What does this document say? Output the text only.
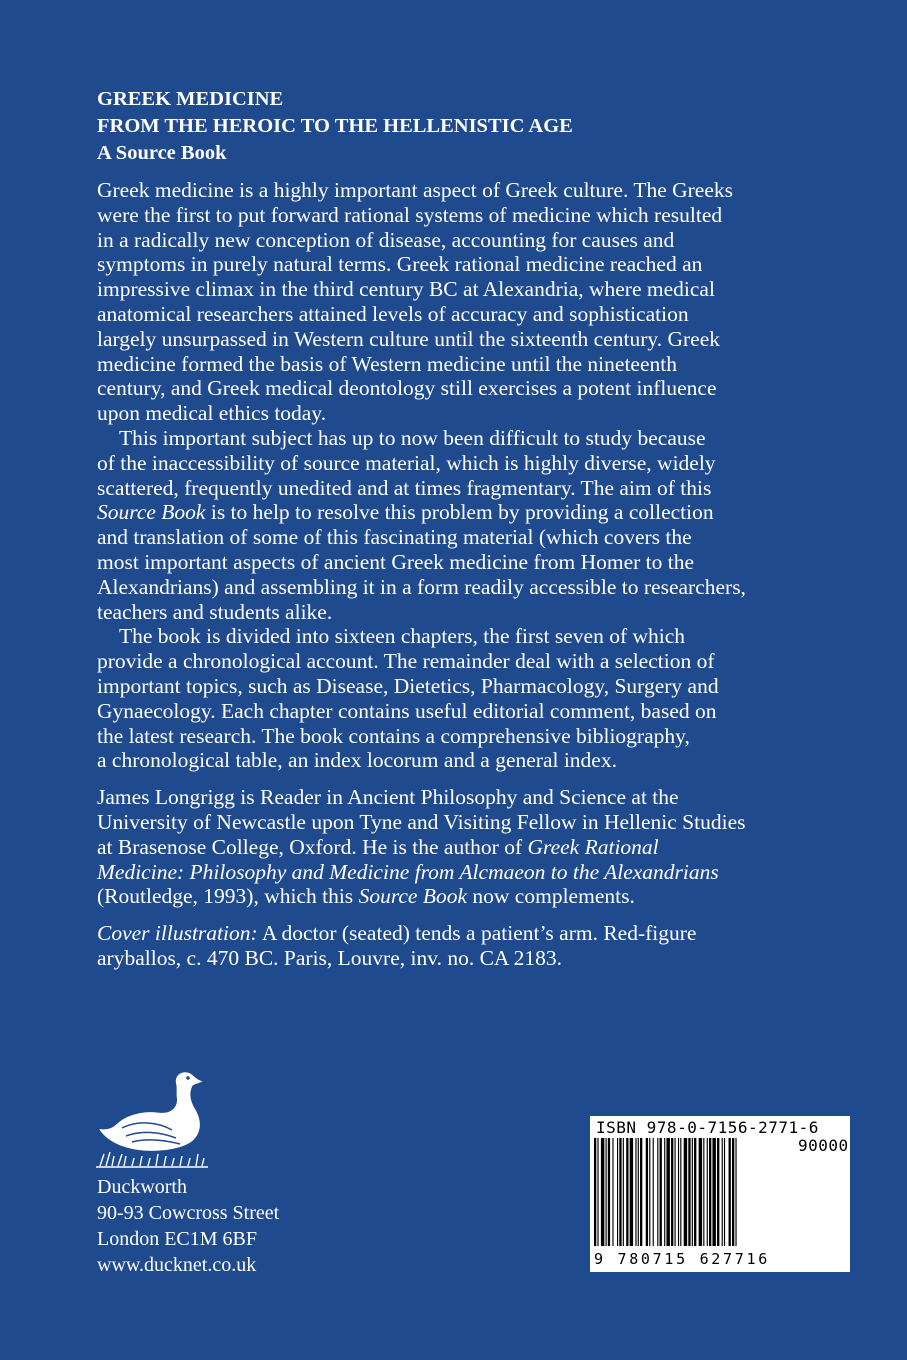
GREEK MEDICINE
FROM THE HEROIC TO THE HELLENISTIC AGE
A Source Book
Greek medicine is a highly important aspect of Greek culture. The Greeks
were the first to put forward rational systems of medicine which resulted
in a radically new conception of disease, accounting for causes and
symptoms in purely natural terms. Greek rational medicine reached an
impressive climax in the third century BC at Alexandria, where medical
anatomical researchers attained levels of accuracy and sophistication
largely unsurpassed in Western culture until the sixteenth century. Greek
medicine formed the basis of Western medicine until the nineteenth
century, and Greek medical deontology still exercises a potent influence
upon medical ethics today.
This important subject has up to now been difficult to study because
of the inaccessibility of source material, which is highly diverse, widely
scattered, frequently unedited and at times fragmentary. The aim of this
Source Book is to help to resolve this problem by providing a collection
and translation of some of this fascinating material (which covers the
most important aspects of ancient Greek medicine from Homer to the
Alexandrians) and assembling it in a form readily accessible to researchers,
teachers and students alike.
The book is divided into sixteen chapters, the first seven of which
provide a chronological account. The remainder deal with a selection of
important topics, such as Disease, Dietetics, Pharmacology, Surgery and
Gynaecology. Each chapter contains useful editorial comment, based on
the latest research. The book contains a comprehensive bibliography,
a chronological table, an index locorum and a general index.
James Longrigg is Reader in Ancient Philosophy and Science at the
University of Newcastle upon Tyne and Visiting Fellow in Hellenic Studies
at Brasenose College, Oxford. He is the author of Greek Rational
Medicine: Philosophy and Medicine from Alcmaeon to the Alexandrians
(Routledge, 1993), which this Source Book now complements.
Cover illustration: A doctor (seated) tends a patient’s arm. Red-figure
aryballos, c. 470 BC. Paris, Louvre, inv. no. CA 2183.
Duckworth
90-93 Cowcross Street
London EC1M 6BF
www.ducknet.co.uk
ISBN 978-0-7156-2771-6
90000
9 780715 627716
